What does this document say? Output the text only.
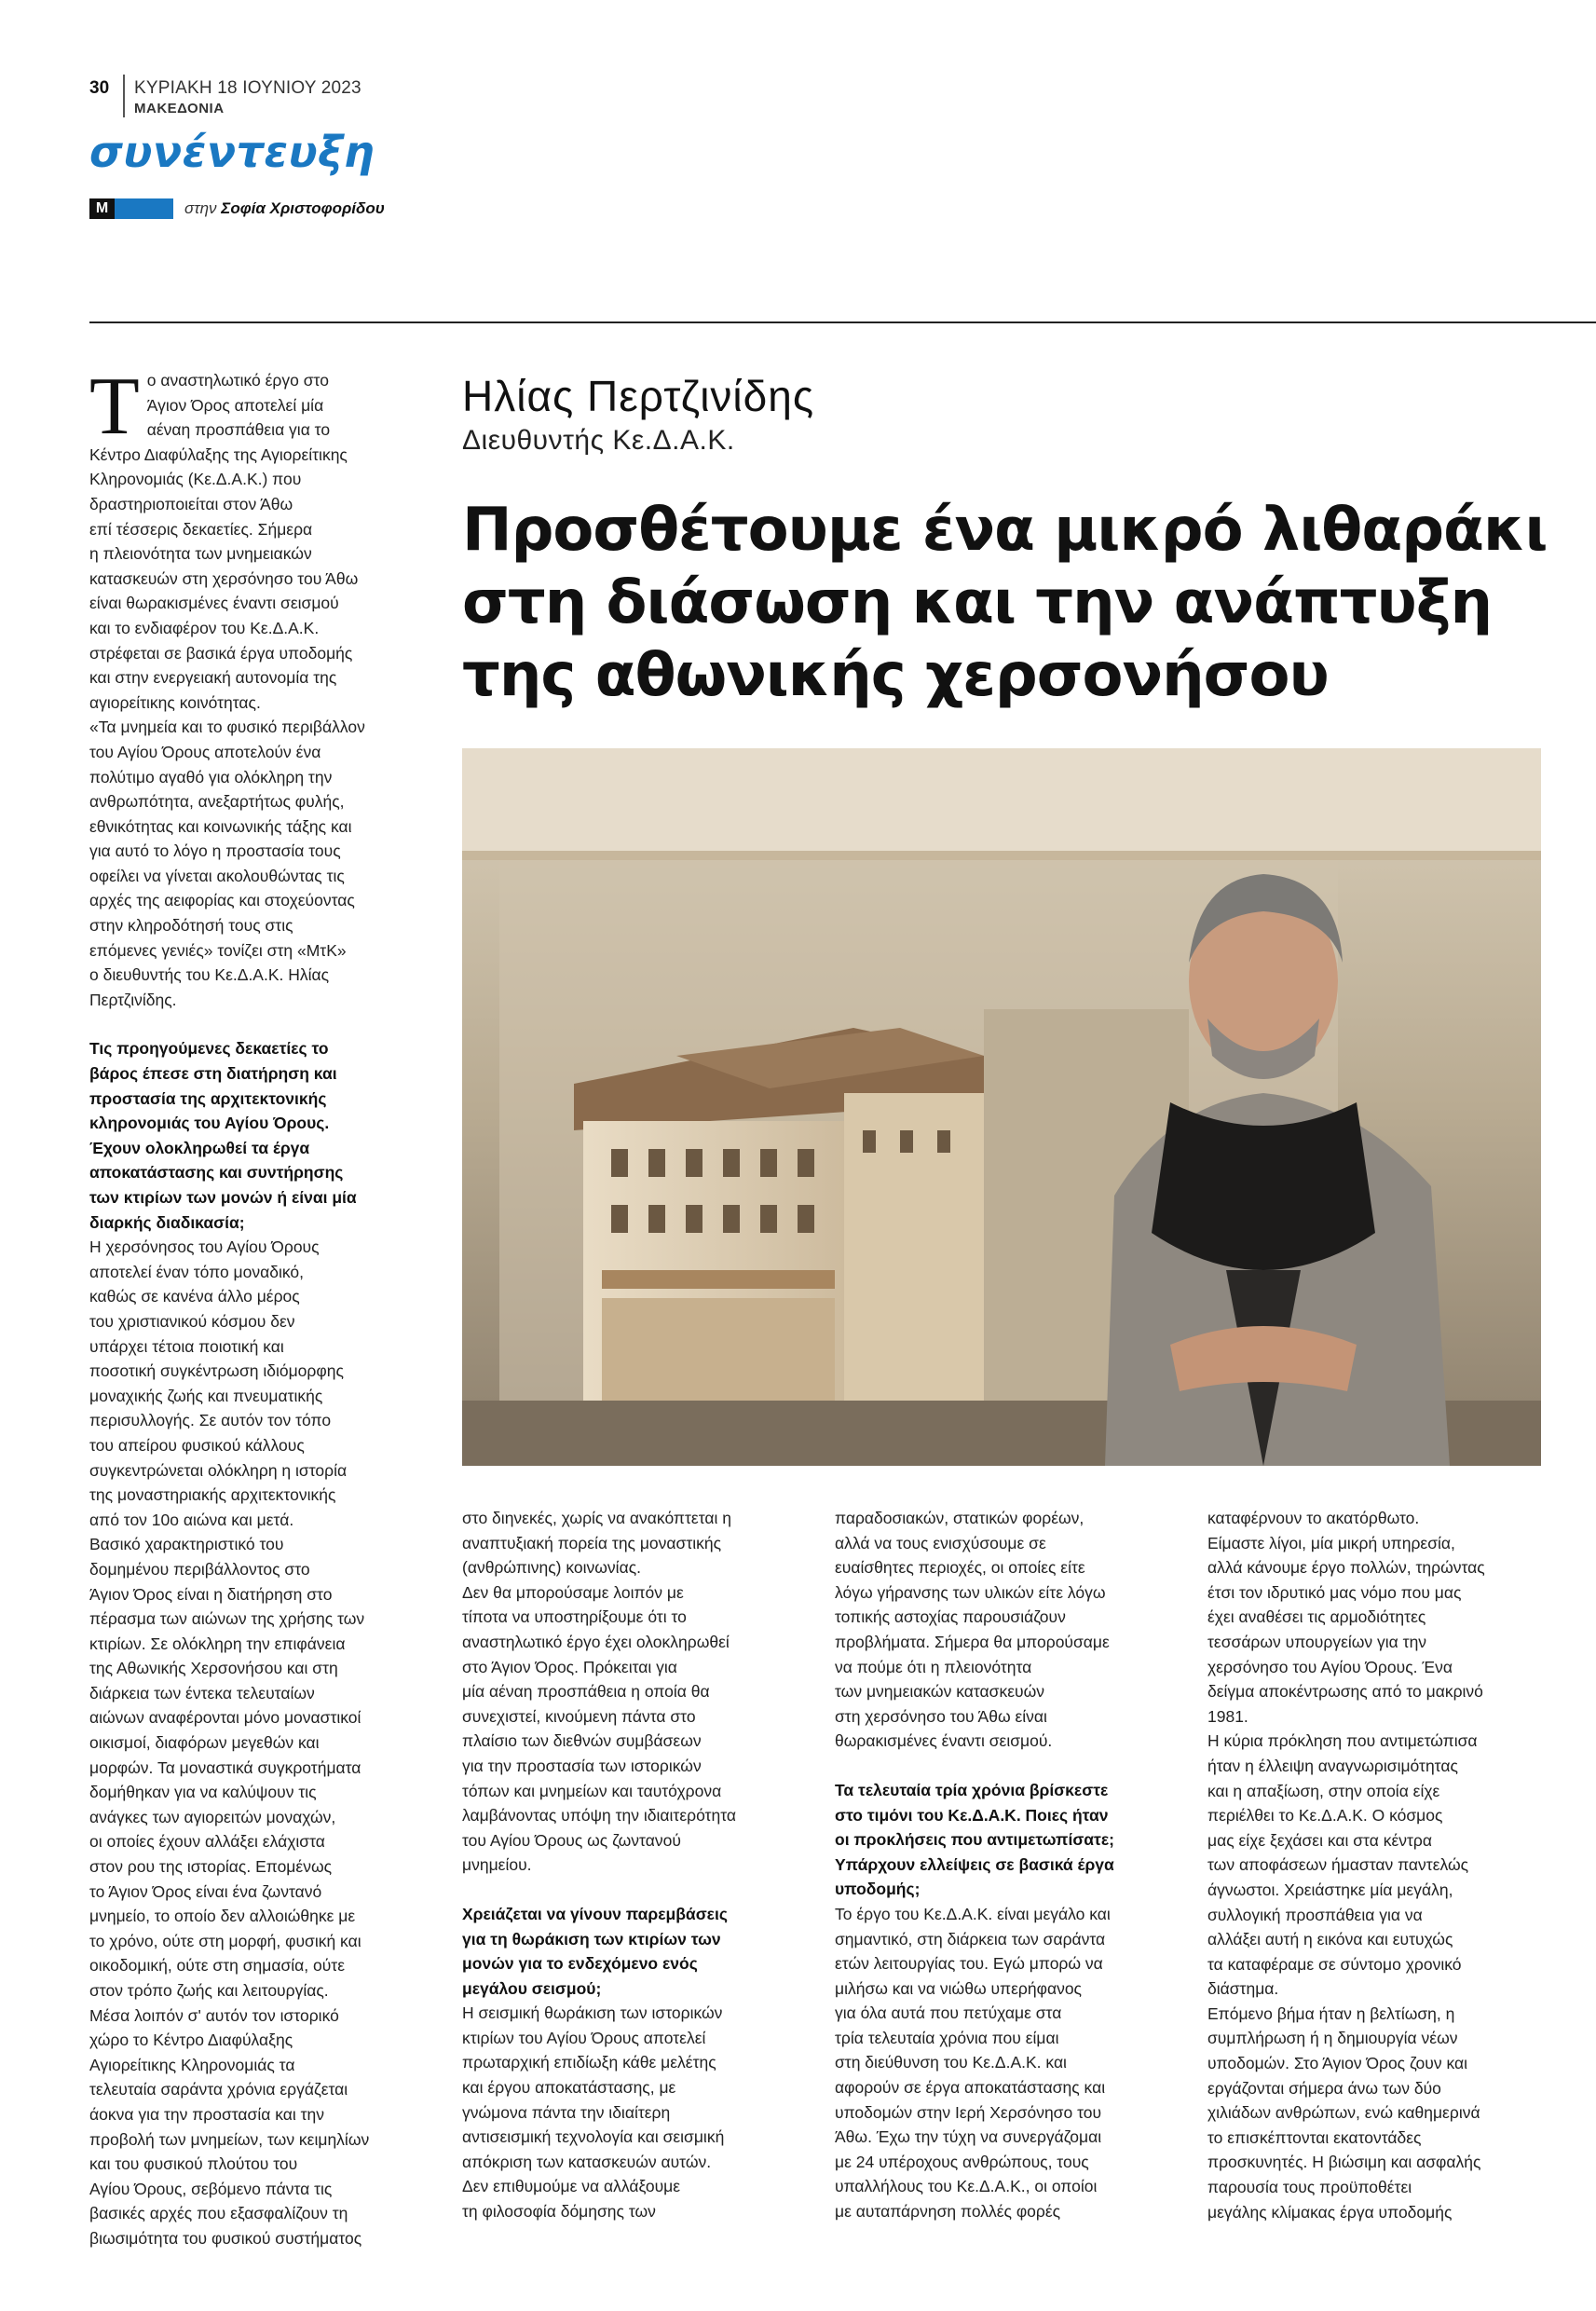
30 ΚΥΡΙΑΚΗ 18 ΙΟΥΝΙΟΥ 2023
ΜΑΚΕΔΟΝΙΑ
συνέντευξη
M	στην Σοφία Χριστοφορίδου
Τ ο αναστηλωτικό έργο στο
Άγιον Όρος αποτελεί μία
αέναη προσπάθεια για το
Κέντρο Διαφύλαξης της Αγιορείτικης
Κληρονομιάς (Κε.Δ.Α.Κ.) που
δραστηριοποιείται στον Άθω
επί τέσσερις δεκαετίες. Σήμερα
η πλειονότητα των μνημειακών
κατασκευών στη χερσόνησο του Άθω
είναι θωρακισμένες έναντι σεισμού
και το ενδιαφέρον του Κε.Δ.Α.Κ.
στρέφεται σε βασικά έργα υποδομής
και στην ενεργειακή αυτονομία της
αγιορείτικης κοινότητας.
«Τα μνημεία και το φυσικό περιβάλλον
του Αγίου Όρους αποτελούν ένα
πολύτιμο αγαθό για ολόκληρη την
ανθρωπότητα, ανεξαρτήτως φυλής,
εθνικότητας και κοινωνικής τάξης και
για αυτό το λόγο η προστασία τους
οφείλει να γίνεται ακολουθώντας τις
αρχές της αειφορίας και στοχεύοντας
στην κληροδότησή τους στις
επόμενες γενιές» τονίζει στη «ΜτΚ»
ο διευθυντής του Κε.Δ.Α.Κ. Ηλίας
Περτζινίδης.

Τις προηγούμενες δεκαετίες το
βάρος έπεσε στη διατήρηση και
προστασία της αρχιτεκτονικής
κληρονομιάς του Αγίου Όρους.
Έχουν ολοκληρωθεί τα έργα
αποκατάστασης και συντήρησης
των κτιρίων των μονών ή είναι μία
διαρκής διαδικασία;

Η χερσόνησος του Αγίου Όρους
αποτελεί έναν τόπο μοναδικό,
καθώς σε κανένα άλλο μέρος
του χριστιανικού κόσμου δεν
υπάρχει τέτοια ποιοτική και
ποσοτική συγκέντρωση ιδιόμορφης
μοναχικής ζωής και πνευματικής
περισυλλογής. Σε αυτόν τον τόπο
του απείρου φυσικού κάλλους
συγκεντρώνεται ολόκληρη η ιστορία
της μοναστηριακής αρχιτεκτονικής
από τον 10ο αιώνα και μετά.
Βασικό χαρακτηριστικό του
δομημένου περιβάλλοντος στο
Άγιον Όρος είναι η διατήρηση στο
πέρασμα των αιώνων της χρήσης των
κτιρίων. Σε ολόκληρη την επιφάνεια
της Αθωνικής Χερσονήσου και στη
διάρκεια των έντεκα τελευταίων
αιώνων αναφέρονται μόνο μοναστικοί
οικισμοί, διαφόρων μεγεθών και
μορφών. Τα μοναστικά συγκροτήματα
δομήθηκαν για να καλύψουν τις
ανάγκες των αγιορειτών μοναχών,
οι οποίες έχουν αλλάξει ελάχιστα
στον ρου της ιστορίας. Επομένως
το Άγιον Όρος είναι ένα ζωντανό
μνημείο, το οποίο δεν αλλοιώθηκε με
το χρόνο, ούτε στη μορφή, φυσική και
οικοδομική, ούτε στη σημασία, ούτε
στον τρόπο ζωής και λειτουργίας.
Μέσα λοιπόν σ' αυτόν τον ιστορικό
χώρο το Κέντρο Διαφύλαξης
Αγιορείτικης Κληρονομιάς τα
τελευταία σαράντα χρόνια εργάζεται
άοκνα για την προστασία και την
προβολή των μνημείων, των κειμηλίων
και του φυσικού πλούτου του
Αγίου Όρους, σεβόμενο πάντα τις
βασικές αρχές που εξασφαλίζουν τη
βιωσιμότητα του φυσικού συστήματος

Ηλίας Περτζινίδης
Διευθυντής Κε.Δ.Α.Κ.
Προσθέτουμε ένα μικρό λιθαράκι
στη διάσωση και την ανάπτυξη
της αθωνικής χερσονήσου

στο διηνεκές, χωρίς να ανακόπτεται η
αναπτυξιακή πορεία της μοναστικής
(ανθρώπινης) κοινωνίας.
Δεν θα μπορούσαμε λοιπόν με
τίποτα να υποστηρίξουμε ότι το
αναστηλωτικό έργο έχει ολοκληρωθεί
στο Άγιον Όρος. Πρόκειται για
μία αέναη προσπάθεια η οποία θα
συνεχιστεί, κινούμενη πάντα στο
πλαίσιο των διεθνών συμβάσεων
για την προστασία των ιστορικών
τόπων και μνημείων και ταυτόχρονα
λαμβάνοντας υπόψη την ιδιαιτερότητα
του Αγίου Όρους ως ζωντανού
μνημείου.

Χρειάζεται να γίνουν παρεμβάσεις
για τη θωράκιση των κτιρίων των
μονών για το ενδεχόμενο ενός
μεγάλου σεισμού;

Η σεισμική θωράκιση των ιστορικών
κτιρίων του Αγίου Όρους αποτελεί
πρωταρχική επιδίωξη κάθε μελέτης
και έργου αποκατάστασης, με
γνώμονα πάντα την ιδιαίτερη
αντισεισμική τεχνολογία και σεισμική
απόκριση των κατασκευών αυτών.
Δεν επιθυμούμε να αλλάξουμε
τη φιλοσοφία δόμησης των

παραδοσιακών, στατικών φορέων,
αλλά να τους ενισχύσουμε σε
ευαίσθητες περιοχές, οι οποίες είτε
λόγω γήρανσης των υλικών είτε λόγω
τοπικής αστοχίας παρουσιάζουν
προβλήματα. Σήμερα θα μπορούσαμε
να πούμε ότι η πλειονότητα
των μνημειακών κατασκευών
στη χερσόνησο του Άθω είναι
θωρακισμένες έναντι σεισμού.

Τα τελευταία τρία χρόνια βρίσκεστε
στο τιμόνι του Κε.Δ.Α.Κ. Ποιες ήταν
οι προκλήσεις που αντιμετωπίσατε;
Υπάρχουν ελλείψεις σε βασικά έργα
υποδομής;

Το έργο του Κε.Δ.Α.Κ. είναι μεγάλο και
σημαντικό, στη διάρκεια των σαράντα
ετών λειτουργίας του. Εγώ μπορώ να
μιλήσω και να νιώθω υπερήφανος
για όλα αυτά που πετύχαμε στα
τρία τελευταία χρόνια που είμαι
στη διεύθυνση του Κε.Δ.Α.Κ. και
αφορούν σε έργα αποκατάστασης και
υποδομών στην Ιερή Χερσόνησο του
Άθω. Έχω την τύχη να συνεργάζομαι
με 24 υπέροχους ανθρώπους, τους
υπαλλήλους του Κε.Δ.Α.Κ., οι οποίοι
με αυταπάρνηση πολλές φορές

καταφέρνουν το ακατόρθωτο.
Είμαστε λίγοι, μία μικρή υπηρεσία,
αλλά κάνουμε έργο πολλών, τηρώντας
έτσι τον ιδρυτικό μας νόμο που μας
έχει αναθέσει τις αρμοδιότητες
τεσσάρων υπουργείων για την
χερσόνησο του Αγίου Όρους. Ένα
δείγμα αποκέντρωσης από το μακρινό
1981.
Η κύρια πρόκληση που αντιμετώπισα
ήταν η έλλειψη αναγνωρισιμότητας
και η απαξίωση, στην οποία είχε
περιέλθει το Κε.Δ.Α.Κ. Ο κόσμος
μας είχε ξεχάσει και στα κέντρα
των αποφάσεων ήμασταν παντελώς
άγνωστοι. Χρειάστηκε μία μεγάλη,
συλλογική προσπάθεια για να
αλλάξει αυτή η εικόνα και ευτυχώς
τα καταφέραμε σε σύντομο χρονικό
διάστημα.
Επόμενο βήμα ήταν η βελτίωση, η
συμπλήρωση ή η δημιουργία νέων
υποδομών. Στο Άγιον Όρος ζουν και
εργάζονται σήμερα άνω των δύο
χιλιάδων ανθρώπων, ενώ καθημερινά
το επισκέπτονται εκατοντάδες
προσκυνητές. Η βιώσιμη και ασφαλής
παρουσία τους προϋποθέτει
μεγάλης κλίμακας έργα υποδομής
